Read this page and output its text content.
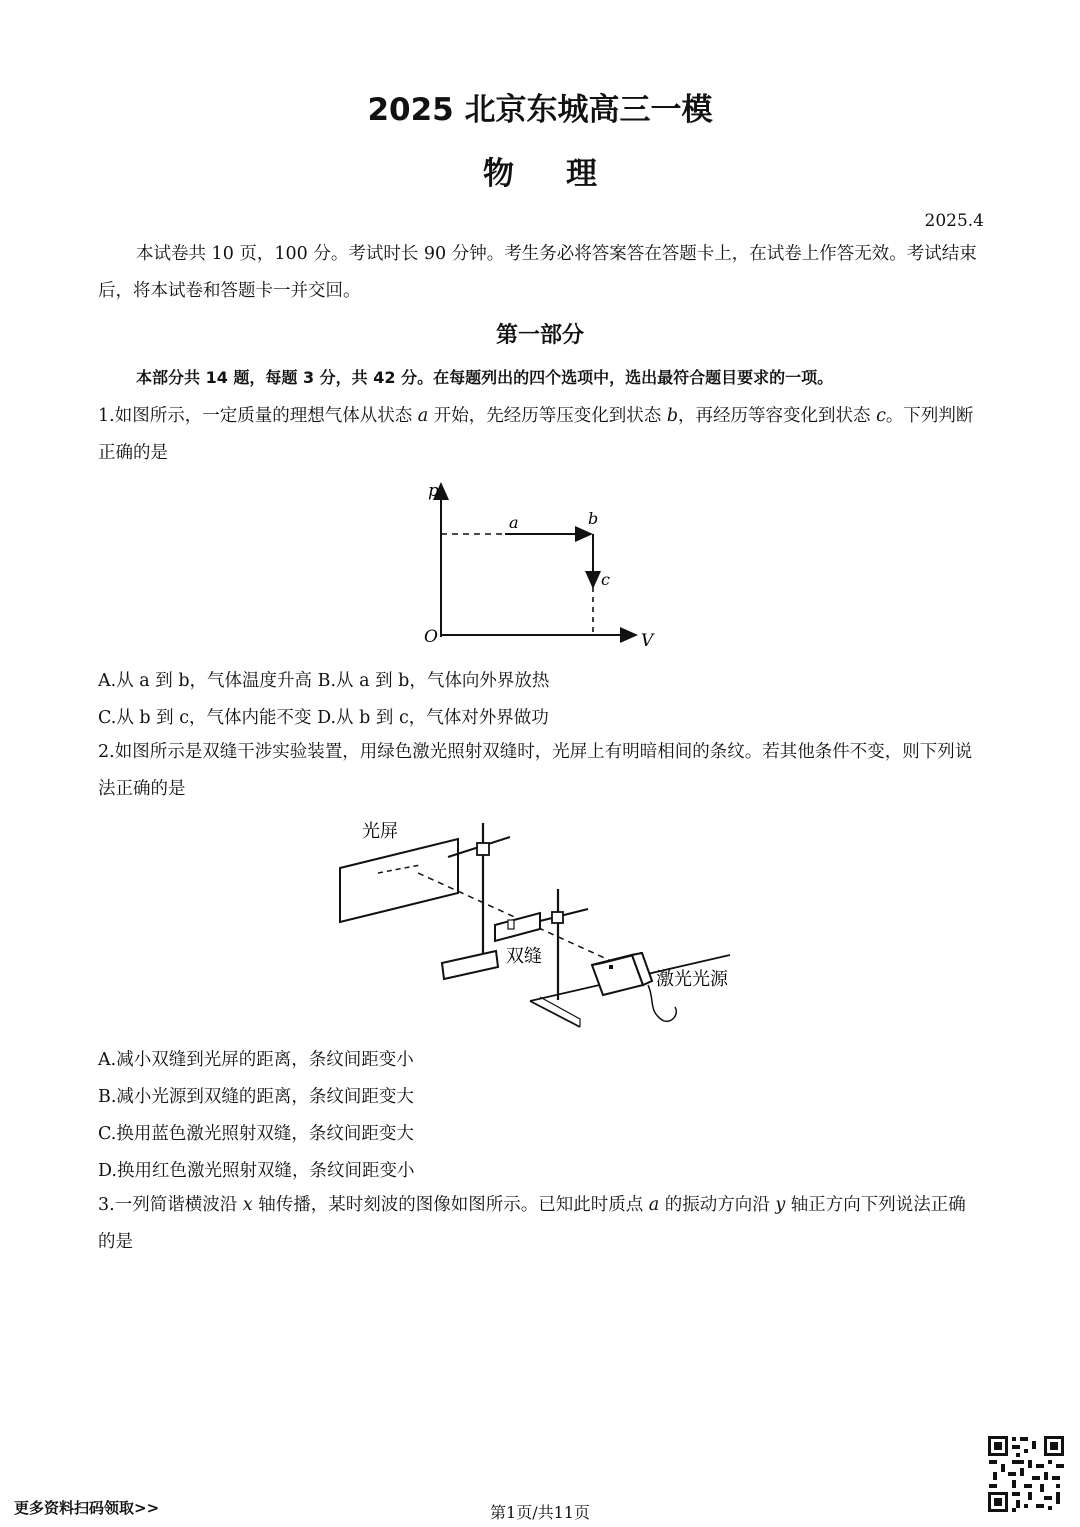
2025 北京东城高三一模
物 理
2025.4
本试卷共 10 页，100 分。考试时长 90 分钟。考生务必将答案答在答题卡上，在试卷上作答无效。考试结束后，将本试卷和答题卡一并交回。
第一部分
本部分共 14 题，每题 3 分，共 42 分。在每题列出的四个选项中，选出最符合题目要求的一项。
1.如图所示，一定质量的理想气体从状态 a 开始，先经历等压变化到状态 b，再经历等容变化到状态 c。下列判断正确的是
p
V
O
a	b
c
A.从 a 到 b，气体温度升高 B.从 a 到 b，气体向外界放热
C.从 b 到 c，气体内能不变 D.从 b 到 c，气体对外界做功
2.如图所示是双缝干涉实验装置，用绿色激光照射双缝时，光屏上有明暗相间的条纹。若其他条件不变，则下列说法正确的是
光屏
双缝
激光光源
A.减小双缝到光屏的距离，条纹间距变小
B.减小光源到双缝的距离，条纹间距变大
C.换用蓝色激光照射双缝，条纹间距变大
D.换用红色激光照射双缝，条纹间距变小
3.一列简谐横波沿 x 轴传播，某时刻波的图像如图所示。已知此时质点 a 的振动方向沿 y 轴正方向下列说法正确的是
更多资料扫码领取>>	第1页/共11页
